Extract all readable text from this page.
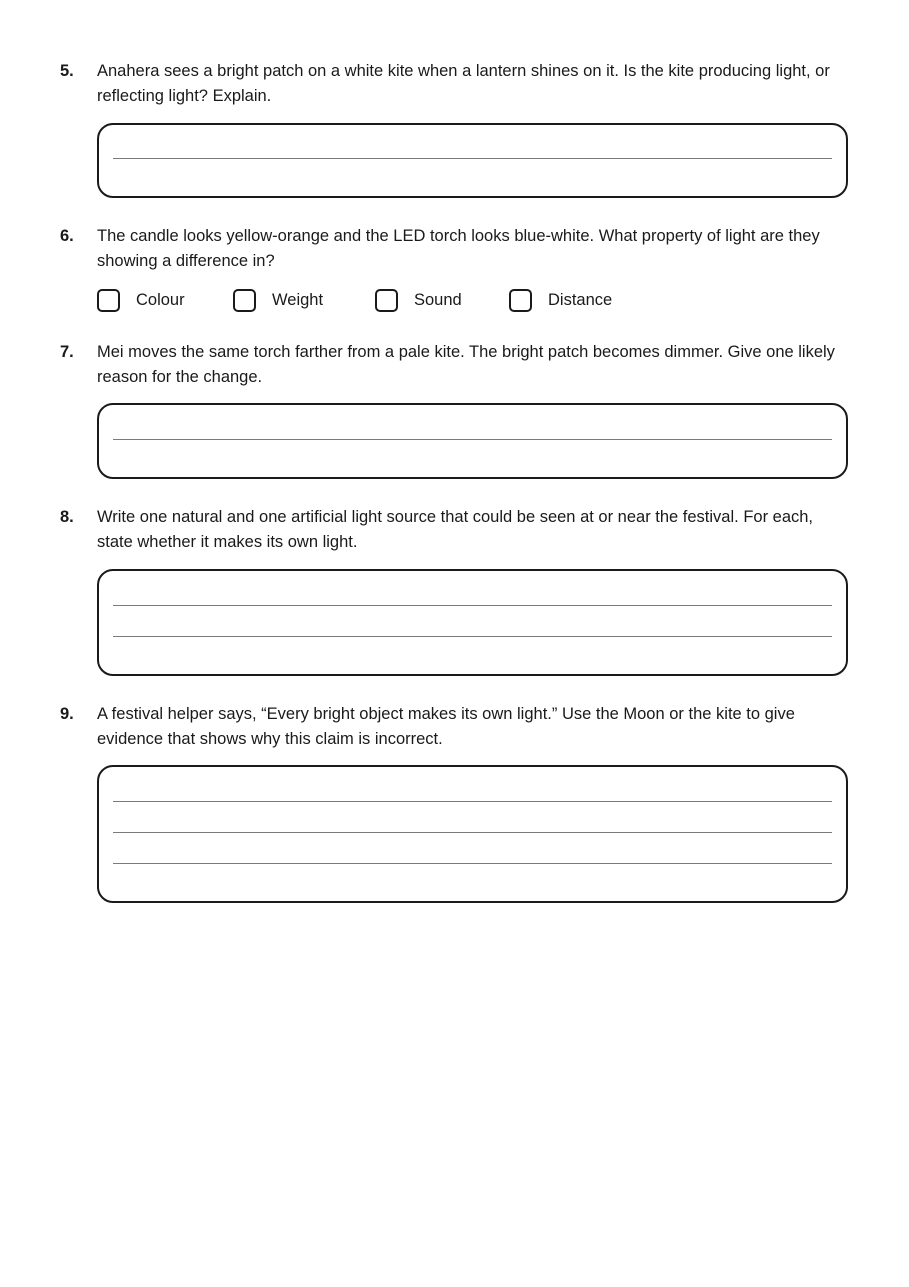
5. Anahera sees a bright patch on a white kite when a lantern shines on it. Is the kite producing light, or reflecting light? Explain.
6. The candle looks yellow-orange and the LED torch looks blue-white. What property of light are they showing a difference in?
Colour	Weight	Sound	Distance
7. Mei moves the same torch farther from a pale kite. The bright patch becomes dimmer. Give one likely reason for the change.
8. Write one natural and one artificial light source that could be seen at or near the festival. For each, state whether it makes its own light.
9. A festival helper says, “Every bright object makes its own light.” Use the Moon or the kite to give evidence that shows why this claim is incorrect.
